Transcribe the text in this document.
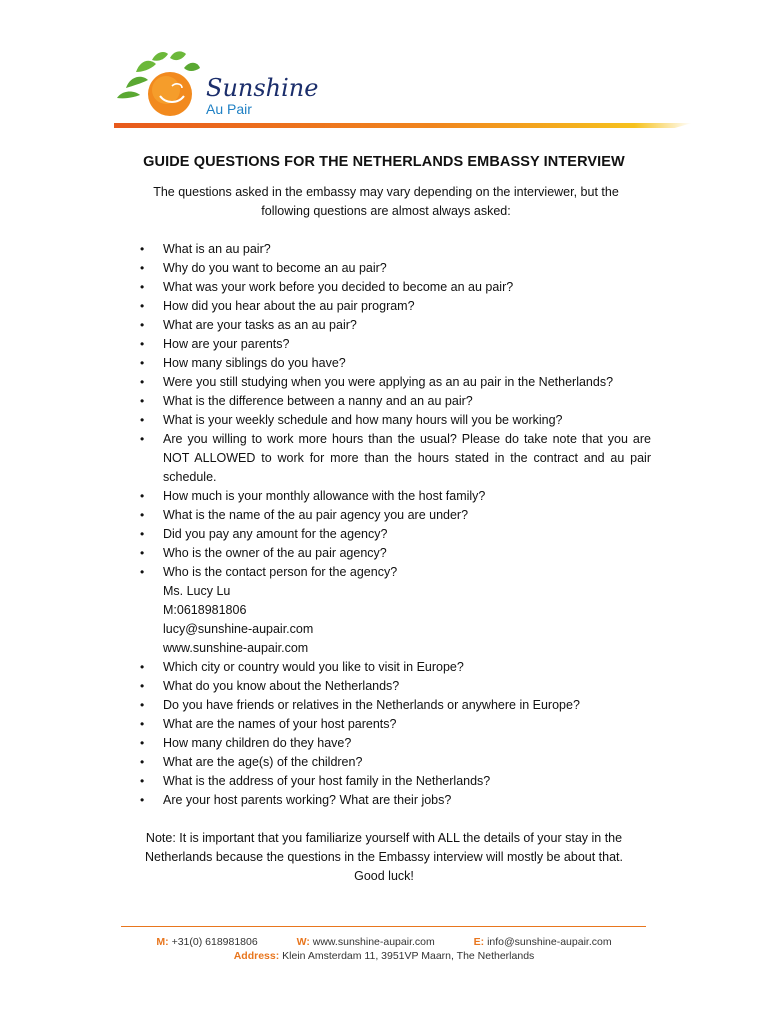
Sunshine
Au Pair
GUIDE QUESTIONS FOR THE NETHERLANDS EMBASSY INTERVIEW
The questions asked in the embassy may vary depending on the interviewer, but the
following questions are almost always asked:
• What is an au pair?
• Why do you want to become an au pair?
• What was your work before you decided to become an au pair?
• How did you hear about the au pair program?
• What are your tasks as an au pair?
• How are your parents?
• How many siblings do you have?
• Were you still studying when you were applying as an au pair in the Netherlands?
• What is the difference between a nanny and an au pair?
• What is your weekly schedule and how many hours will you be working?
• Are you willing to work more hours than the usual? Please do take note that you are NOT ALLOWED to work for more than the hours stated in the contract and au pair schedule.
• How much is your monthly allowance with the host family?
• What is the name of the au pair agency you are under?
• Did you pay any amount for the agency?
• Who is the owner of the au pair agency?
• Who is the contact person for the agency?
Ms. Lucy Lu
M:0618981806
lucy@sunshine-aupair.com
www.sunshine-aupair.com
• Which city or country would you like to visit in Europe?
• What do you know about the Netherlands?
• Do you have friends or relatives in the Netherlands or anywhere in Europe?
• What are the names of your host parents?
• How many children do they have?
• What are the age(s) of the children?
• What is the address of your host family in the Netherlands?
• Are your host parents working? What are their jobs?
Note: It is important that you familiarize yourself with ALL the details of your stay in the
Netherlands because the questions in the Embassy interview will mostly be about that.
Good luck!
M: +31(0) 618981806	W: www.sunshine-aupair.com	E: info@sunshine-aupair.com
Address: Klein Amsterdam 11, 3951VP Maarn, The Netherlands
